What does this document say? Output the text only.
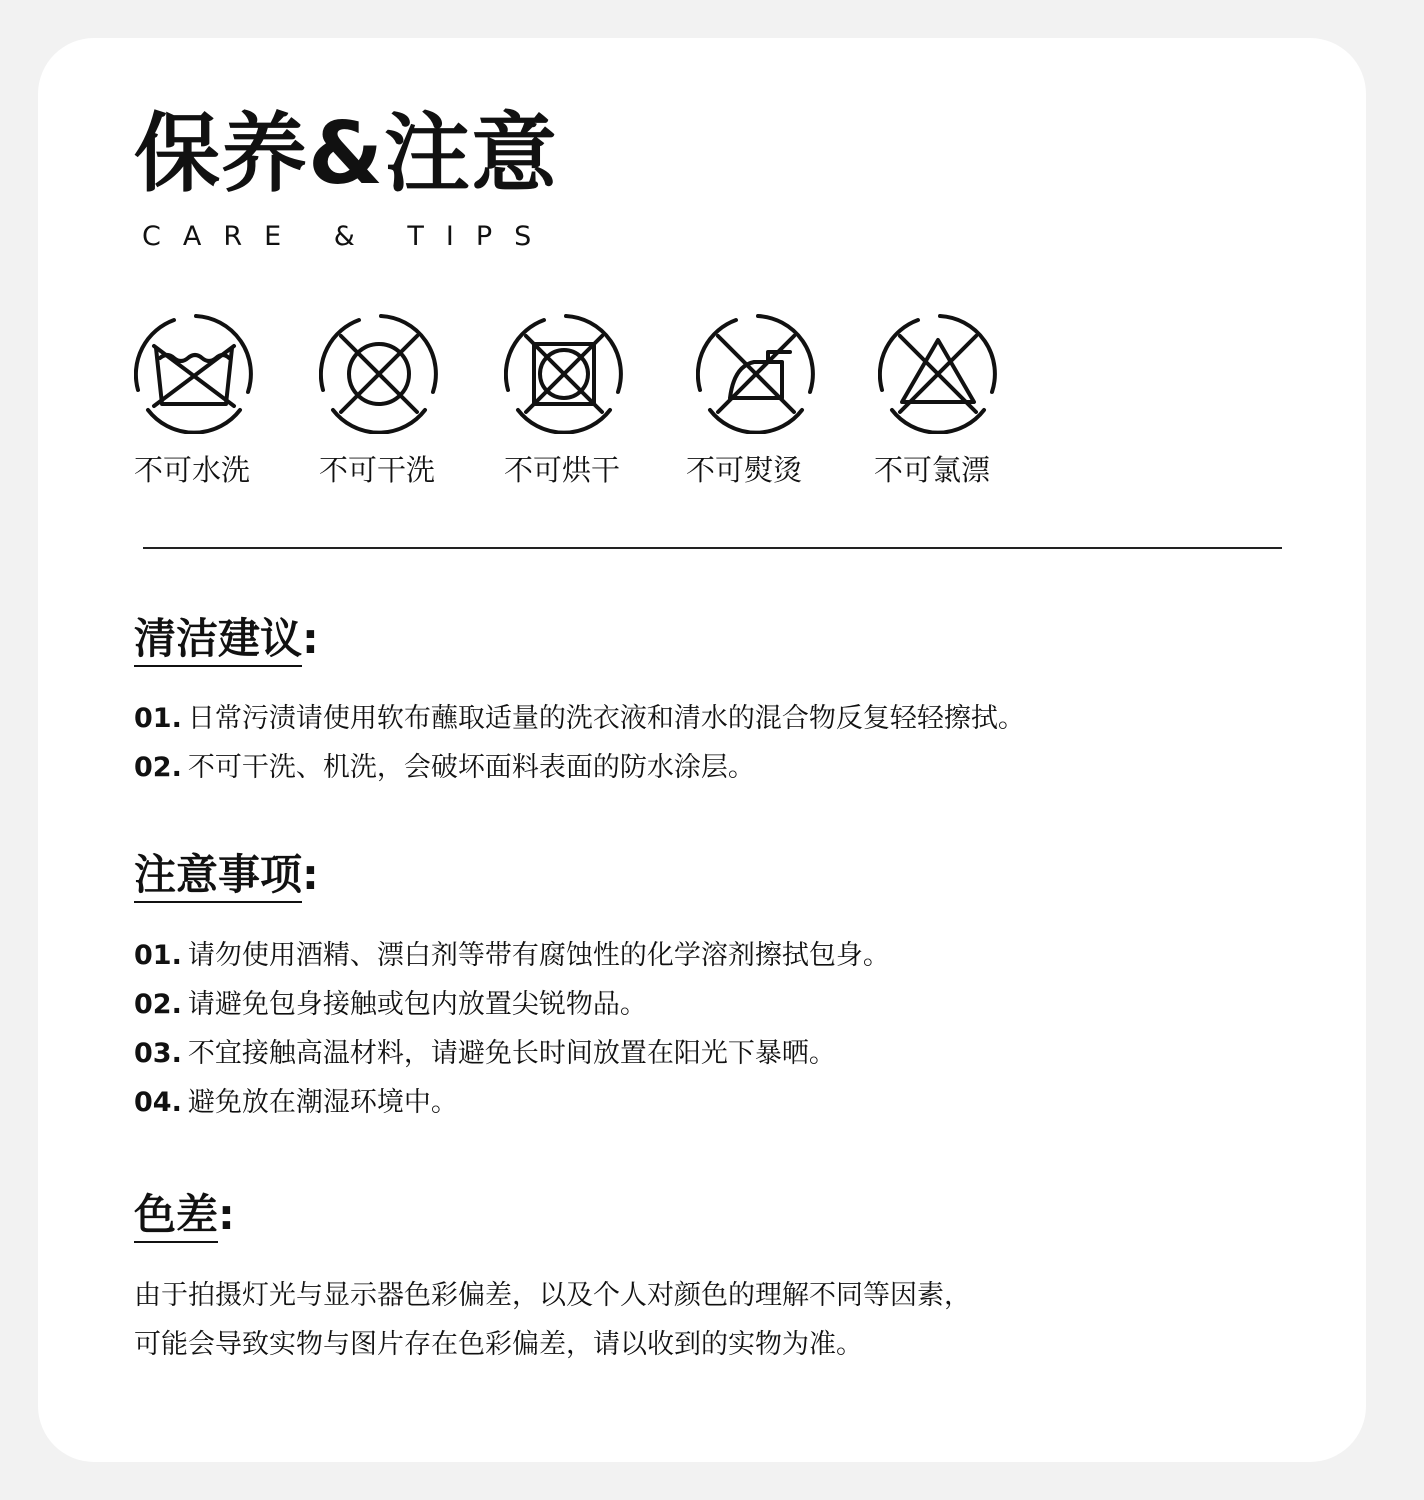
保养&注意
CARE & TIPS
不可水洗 不可干洗 不可烘干 不可熨烫 不可氯漂
清洁建议:
01. 日常污渍请使用软布蘸取适量的洗衣液和清水的混合物反复轻轻擦拭。
02. 不可干洗、机洗，会破坏面料表面的防水涂层。
注意事项:
01. 请勿使用酒精、漂白剂等带有腐蚀性的化学溶剂擦拭包身。
02. 请避免包身接触或包内放置尖锐物品。
03. 不宜接触高温材料，请避免长时间放置在阳光下暴晒。
04. 避免放在潮湿环境中。
色差:
由于拍摄灯光与显示器色彩偏差，以及个人对颜色的理解不同等因素，
可能会导致实物与图片存在色彩偏差，请以收到的实物为准。
